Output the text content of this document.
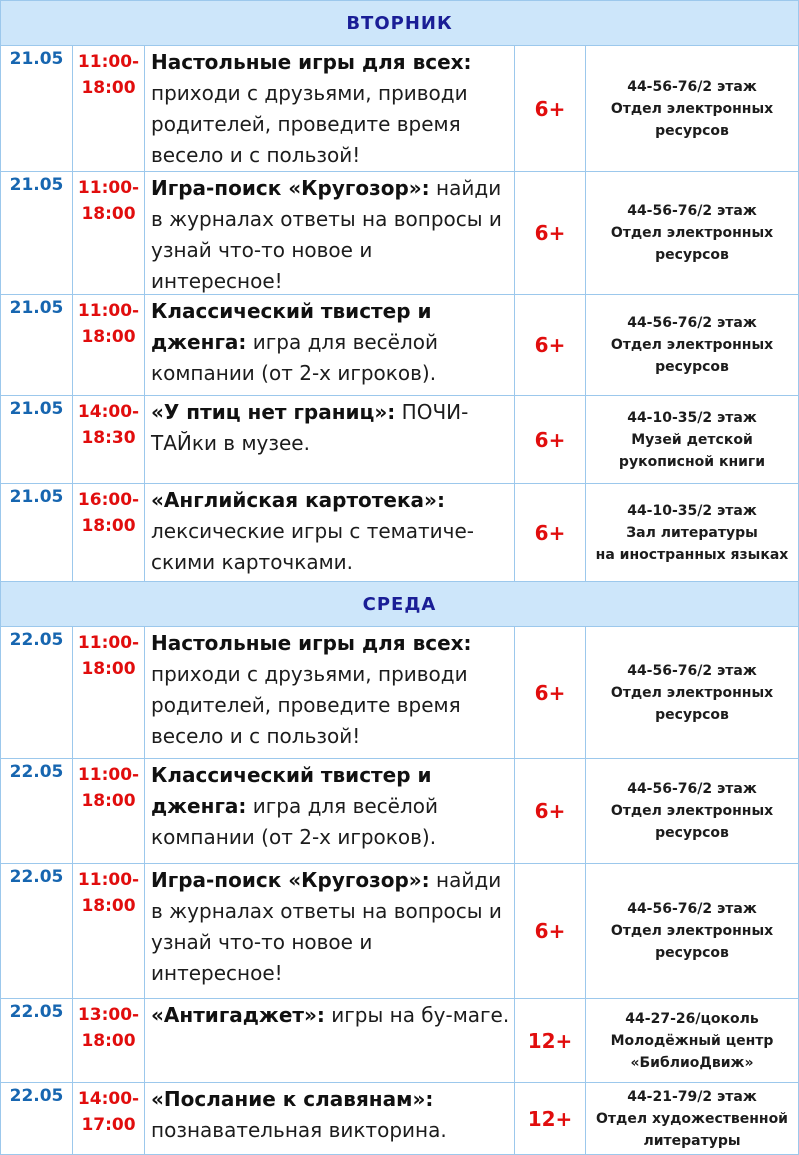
ВТОРНИК
21.05 11:00-
18:00
Настольные игры для всех: приходи с друзьями, приводи родителей, проведите время весело и с пользой!
6+
44-56-76/2 этаж
Отдел электронных
ресурсов
21.05 11:00-
18:00
Игра-поиск «Кругозор»: найди в журналах ответы на вопросы и узнай что-то новое и интересное!
6+
44-56-76/2 этаж
Отдел электронных
ресурсов
21.05 11:00-
18:00
Классический твистер и дженга: игра для весёлой компании (от 2-х игроков).
6+
44-56-76/2 этаж
Отдел электронных
ресурсов
21.05 14:00-
18:30
«У птиц нет границ»: ПОЧИ-ТАЙки в музее.	6+
44-10-35/2 этаж
Музей детской
рукописной книги
21.05 16:00-
18:00
«Английская картотека»: лексические игры с тематиче-скими карточками.
6+
44-10-35/2 этаж
Зал литературы
на иностранных языках
СРЕДА
22.05 11:00-
18:00
Настольные игры для всех: приходи с друзьями, приводи родителей, проведите время весело и с пользой!
6+
44-56-76/2 этаж
Отдел электронных
ресурсов
22.05 11:00-
18:00
Классический твистер и дженга: игра для весёлой компании (от 2-х игроков).
6+
44-56-76/2 этаж
Отдел электронных
ресурсов
22.05 11:00-
18:00
Игра-поиск «Кругозор»: найди в журналах ответы на вопросы и узнай что-то новое и интересное!
6+
44-56-76/2 этаж
Отдел электронных
ресурсов
22.05 13:00-
18:00
«Антигаджет»: игры на бу-маге.
12+
44-27-26/цоколь
Молодёжный центр
«БиблиоДвиж»
22.05 14:00-
17:00
«Послание к славянам»: познавательная викторина.	12+
44-21-79/2 этаж
Отдел художественной
литературы
